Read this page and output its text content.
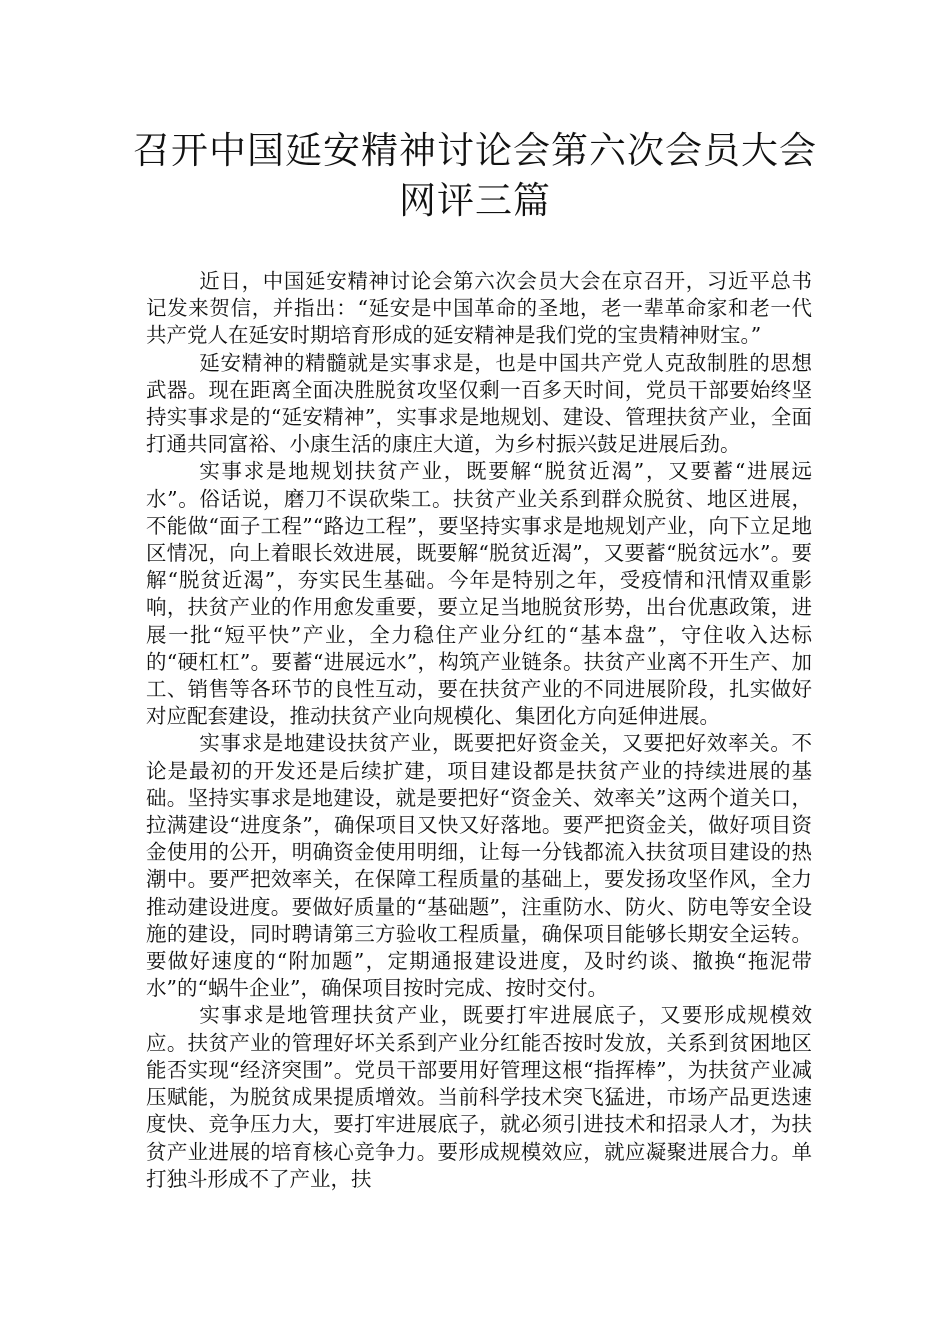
召开中国延安精神讨论会第六次会员大会
网评三篇

近日，中国延安精神讨论会第六次会员大会在京召开，习近平总书记发来贺信，并指出：“延安是中国革命的圣地，老一辈革命家和老一代共产党人在延安时期培育形成的延安精神是我们党的宝贵精神财宝。”

延安精神的精髓就是实事求是，也是中国共产党人克敌制胜的思想武器。现在距离全面决胜脱贫攻坚仅剩一百多天时间，党员干部要始终坚持实事求是的“延安精神”，实事求是地规划、建设、管理扶贫产业，全面打通共同富裕、小康生活的康庄大道，为乡村振兴鼓足进展后劲。

实事求是地规划扶贫产业，既要解“脱贫近渴”，又要蓄“进展远水”。俗话说，磨刀不误砍柴工。扶贫产业关系到群众脱贫、地区进展，不能做“面子工程”“路边工程”，要坚持实事求是地规划产业，向下立足地区情况，向上着眼长效进展，既要解“脱贫近渴”，又要蓄“脱贫远水”。要解“脱贫近渴”，夯实民生基础。今年是特别之年，受疫情和汛情双重影响，扶贫产业的作用愈发重要，要立足当地脱贫形势，出台优惠政策，进展一批“短平快”产业，全力稳住产业分红的“基本盘”，守住收入达标的“硬杠杠”。要蓄“进展远水”，构筑产业链条。扶贫产业离不开生产、加工、销售等各环节的良性互动，要在扶贫产业的不同进展阶段，扎实做好对应配套建设，推动扶贫产业向规模化、集团化方向延伸进展。

实事求是地建设扶贫产业，既要把好资金关，又要把好效率关。不论是最初的开发还是后续扩建，项目建设都是扶贫产业的持续进展的基础。坚持实事求是地建设，就是要把好“资金关、效率关”这两个道关口，拉满建设“进度条”，确保项目又快又好落地。要严把资金关，做好项目资金使用的公开，明确资金使用明细，让每一分钱都流入扶贫项目建设的热潮中。要严把效率关，在保障工程质量的基础上，要发扬攻坚作风，全力推动建设进度。要做好质量的“基础题”，注重防水、防火、防电等安全设施的建设，同时聘请第三方验收工程质量，确保项目能够长期安全运转。要做好速度的“附加题”，定期通报建设进度，及时约谈、撤换“拖泥带水”的“蜗牛企业”，确保项目按时完成、按时交付。

实事求是地管理扶贫产业，既要打牢进展底子，又要形成规模效应。扶贫产业的管理好坏关系到产业分红能否按时发放，关系到贫困地区能否实现“经济突围”。党员干部要用好管理这根“指挥棒”，为扶贫产业减压赋能，为脱贫成果提质增效。当前科学技术突飞猛进，市场产品更迭速度快、竞争压力大，要打牢进展底子，就必须引进技术和招录人才，为扶贫产业进展的培育核心竞争力。要形成规模效应，就应凝聚进展合力。单打独斗形成不了产业，扶
